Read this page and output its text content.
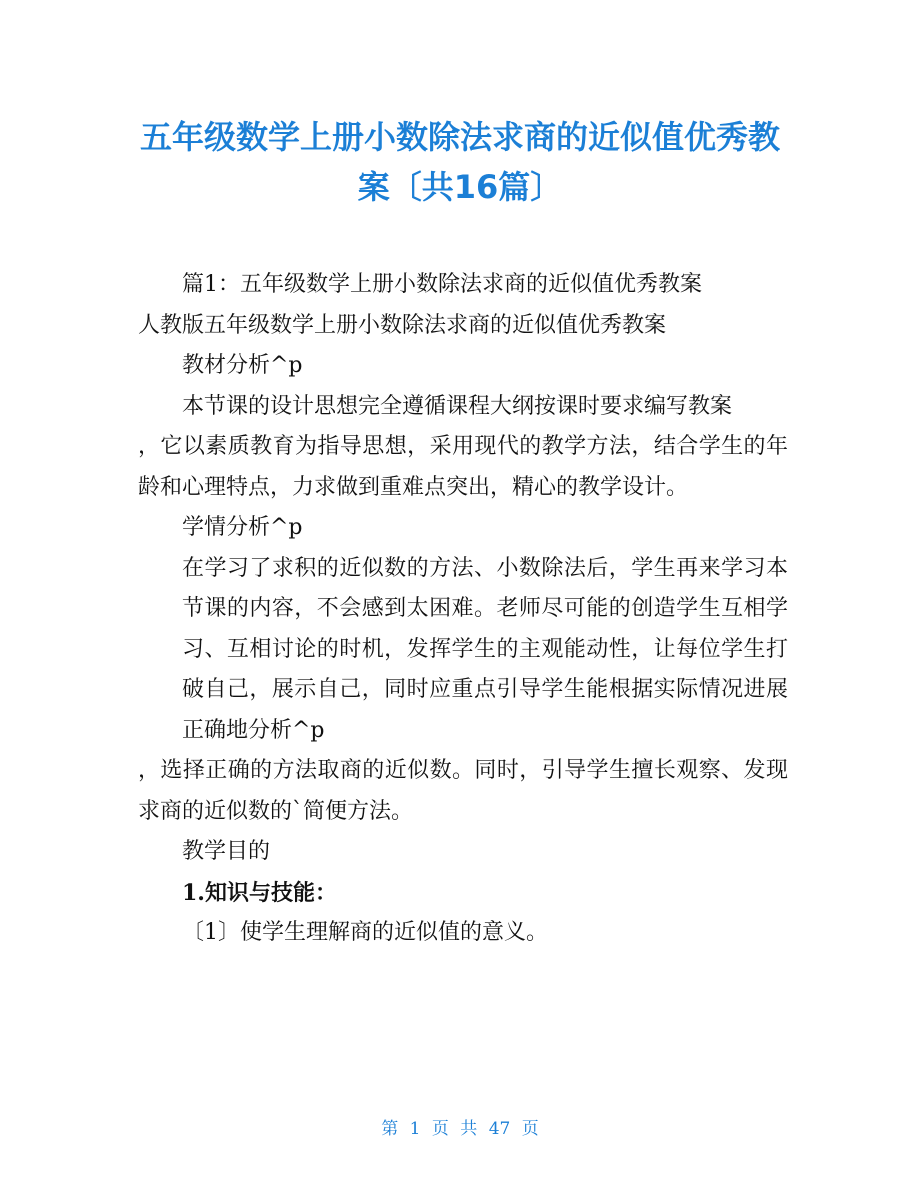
五年级数学上册小数除法求商的近似值优秀教
案〔共16篇〕

篇1：五年级数学上册小数除法求商的近似值优秀教案

人教版五年级数学上册小数除法求商的近似值优秀教案

教材分析^p

本节课的设计思想完全遵循课程大纲按课时要求编写教案

，它以素质教育为指导思想，采用现代的教学方法，结合学生的年龄和心理特点，力求做到重难点突出，精心的教学设计。

学情分析^p

在学习了求积的近似数的方法、小数除法后，学生再来学习本节课的内容，不会感到太困难。老师尽可能的创造学生互相学习、互相讨论的时机，发挥学生的主观能动性，让每位学生打破自己，展示自己，同时应重点引导学生能根据实际情况进展正确地分析^p

，选择正确的方法取商的近似数。同时，引导学生擅长观察、发现求商的近似数的`简便方法。

教学目的

1.知识与技能：

〔1〕使学生理解商的近似值的意义。

第 1 页 共 47 页
